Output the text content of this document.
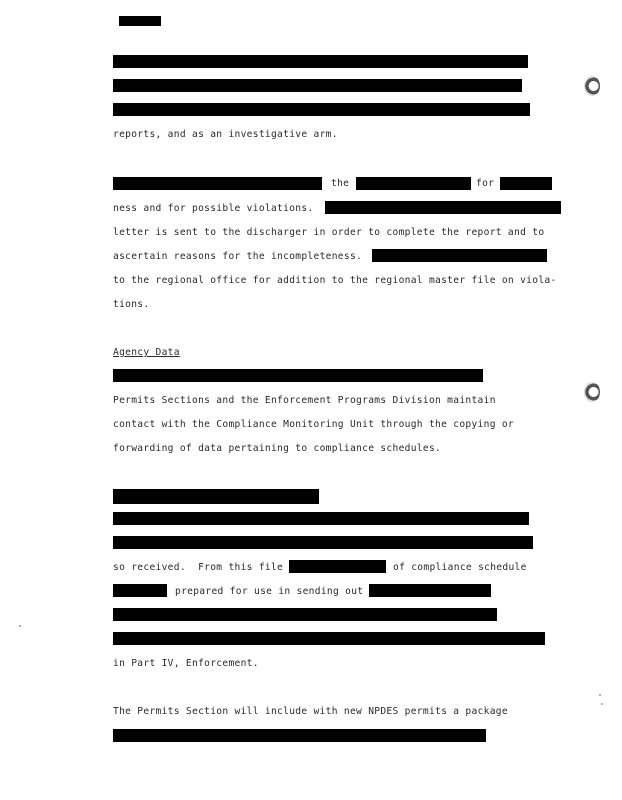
reports, and as an investigative arm.
the	for
ness and for possible violations.
letter is sent to the discharger in order to complete the report and to
ascertain reasons for the incompleteness.
to the regional office for addition to the regional master file on viola-
tions.
Agency Data
Permits Sections and the Enforcement Programs Division maintain
contact with the Compliance Monitoring Unit through the copying or
forwarding of data pertaining to compliance schedules.
so received.  From this file	of compliance schedule
prepared for use in sending out
in Part IV, Enforcement.
The Permits Section will include with new NPDES permits a package
